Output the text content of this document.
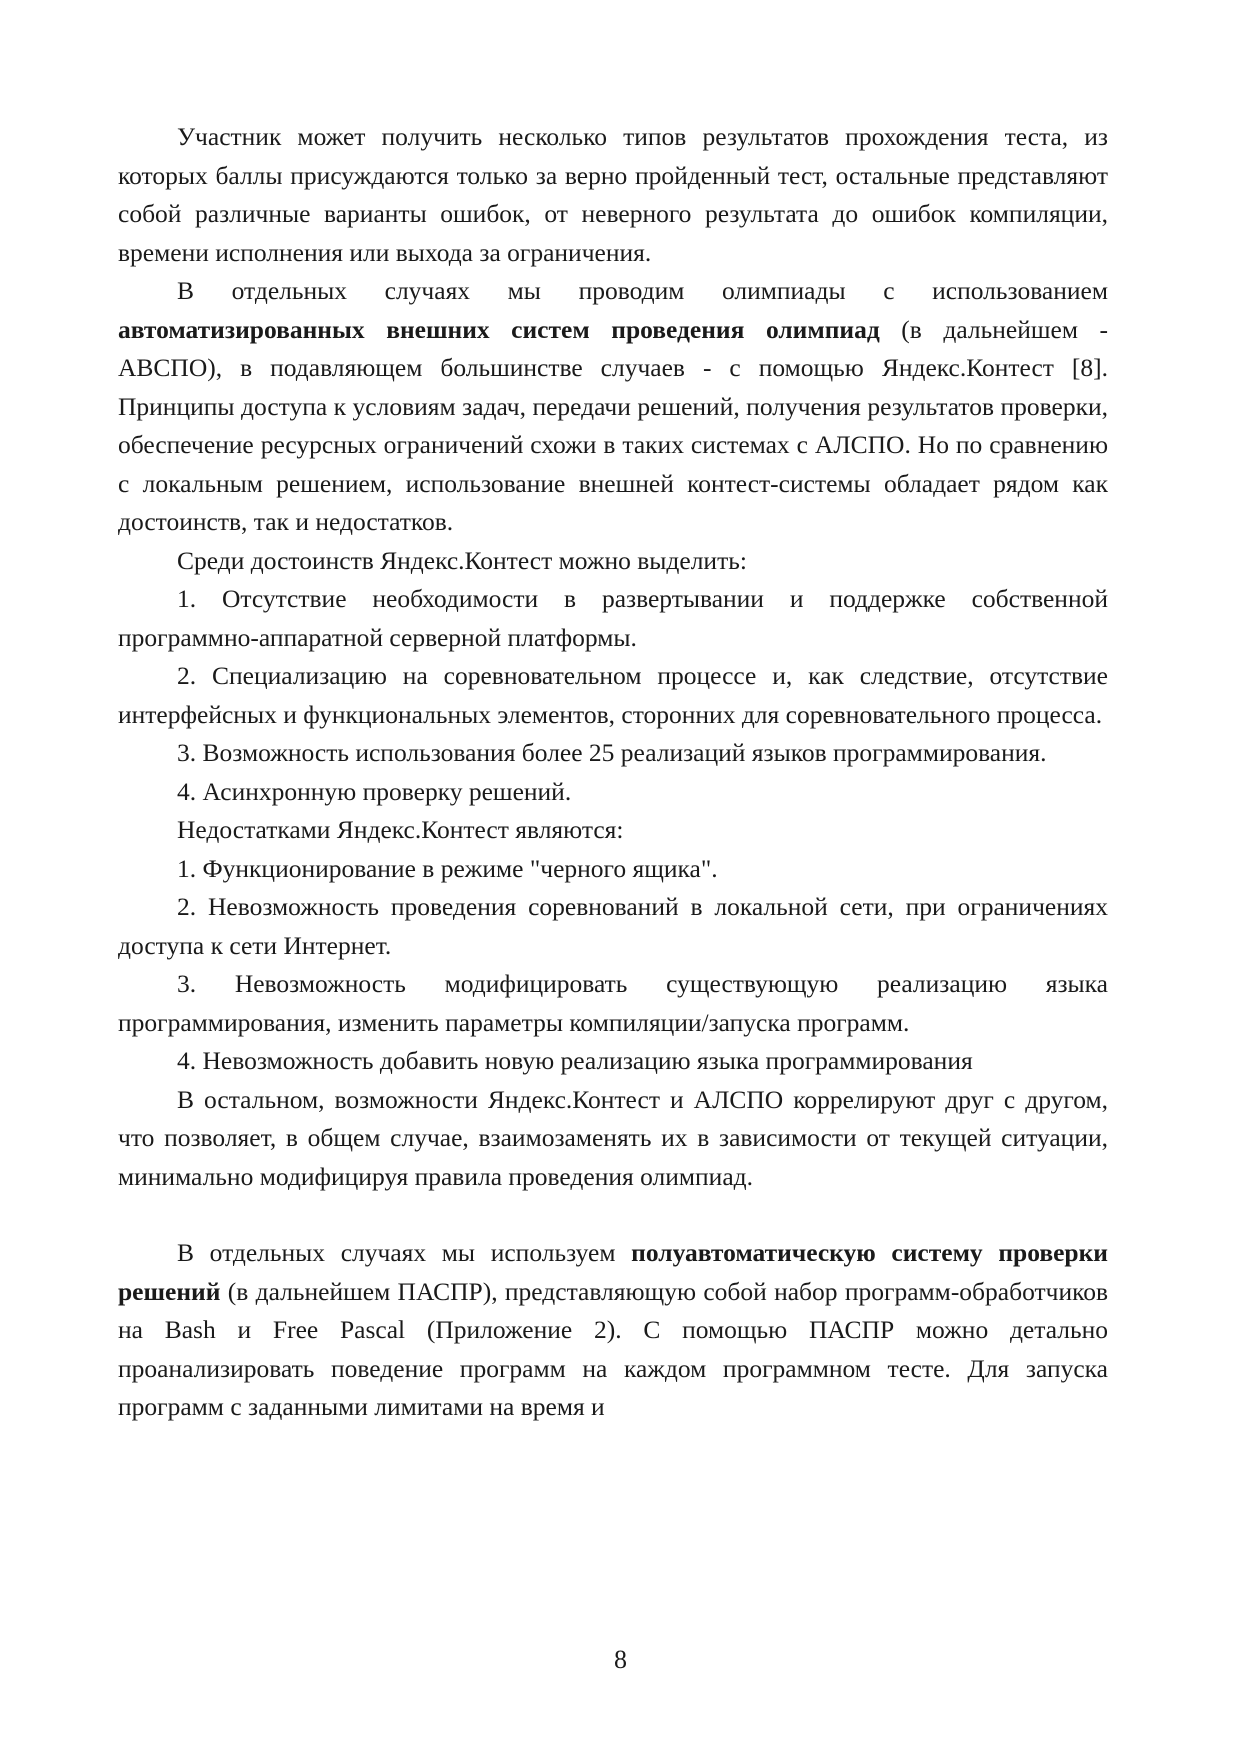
Участник может получить несколько типов результатов прохождения теста, из которых баллы присуждаются только за верно пройденный тест, остальные представляют собой различные варианты ошибок, от неверного результата до ошибок компиляции, времени исполнения или выхода за ограничения.

В отдельных случаях мы проводим олимпиады с использованием автоматизированных внешних систем проведения олимпиад (в дальнейшем - АВСПО), в подавляющем большинстве случаев - с помощью Яндекс.Контест [8]. Принципы доступа к условиям задач, передачи решений, получения результатов проверки, обеспечение ресурсных ограничений схожи в таких системах с АЛСПО. Но по сравнению с локальным решением, использование внешней контест-системы обладает рядом как достоинств, так и недостатков.

Среди достоинств Яндекс.Контест можно выделить:

1. Отсутствие необходимости в развертывании и поддержке собственной программно-аппаратной серверной платформы.

2. Специализацию на соревновательном процессе и, как следствие, отсутствие интерфейсных и функциональных элементов, сторонних для соревновательного процесса.

3. Возможность использования более 25 реализаций языков программирования.

4. Асинхронную проверку решений.

Недостатками Яндекс.Контест являются:

1. Функционирование в режиме "черного ящика".

2. Невозможность проведения соревнований в локальной сети, при ограничениях доступа к сети Интернет.

3. Невозможность модифицировать существующую реализацию языка программирования, изменить параметры компиляции/запуска программ.

4. Невозможность добавить новую реализацию языка программирования

В остальном, возможности Яндекс.Контест и АЛСПО коррелируют друг с другом, что позволяет, в общем случае, взаимозаменять их в зависимости от текущей ситуации, минимально модифицируя правила проведения олимпиад.

В отдельных случаях мы используем полуавтоматическую систему проверки решений (в дальнейшем ПАСПР), представляющую собой набор программ-обработчиков на Bash и Free Pascal (Приложение 2). С помощью ПАСПР можно детально проанализировать поведение программ на каждом программном тесте. Для запуска программ с заданными лимитами на время и

8
